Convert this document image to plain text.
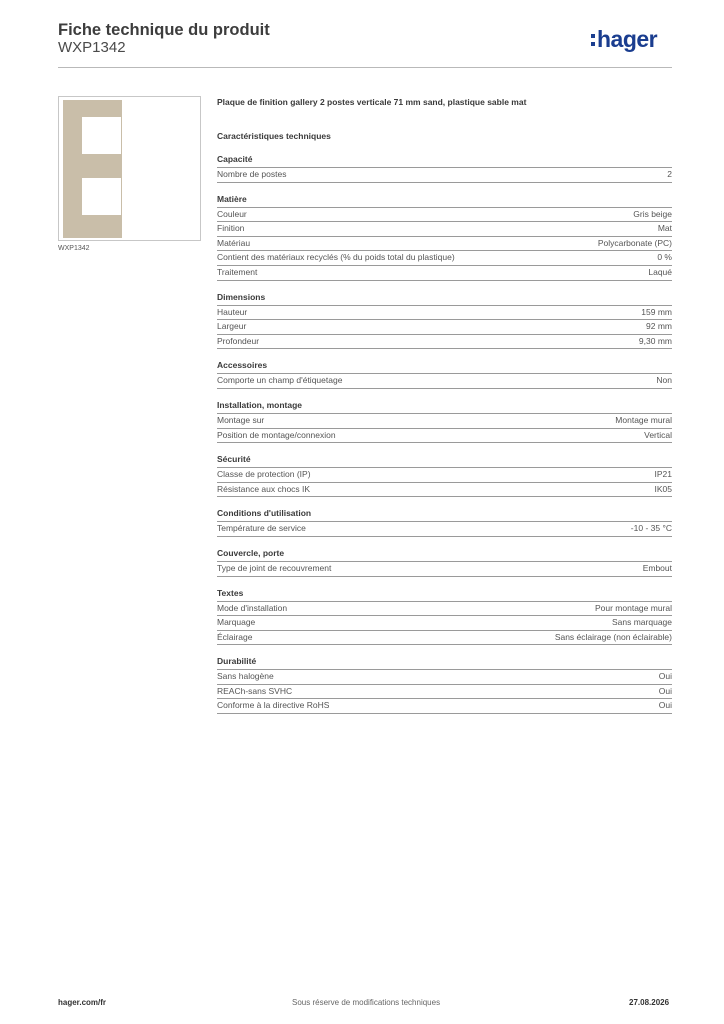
Fiche technique du produit
WXP1342	hager
WXP1342
Plaque de finition gallery 2 postes verticale 71 mm sand, plastique sable mat
Caractéristiques techniques
Capacité
Nombre de postes	2
Matière
Couleur	Gris beige
Finition	Mat
Matériau	Polycarbonate (PC)
Contient des matériaux recyclés (% du poids total du plastique)	0 %
Traitement	Laqué
Dimensions
Hauteur	159 mm
Largeur	92 mm
Profondeur	9,30 mm
Accessoires
Comporte un champ d'étiquetage	Non
Installation, montage
Montage sur	Montage mural
Position de montage/connexion	Vertical
Sécurité
Classe de protection (IP)	IP21
Résistance aux chocs IK	IK05
Conditions d'utilisation
Température de service	-10 - 35 °C
Couvercle, porte
Type de joint de recouvrement	Embout
Textes
Mode d'installation	Pour montage mural
Marquage	Sans marquage
Éclairage	Sans éclairage (non éclairable)
Durabilité
Sans halogène	Oui
REACh-sans SVHC	Oui
Conforme à la directive RoHS	Oui
hager.com/fr	Sous réserve de modifications techniques	27.08.2026
